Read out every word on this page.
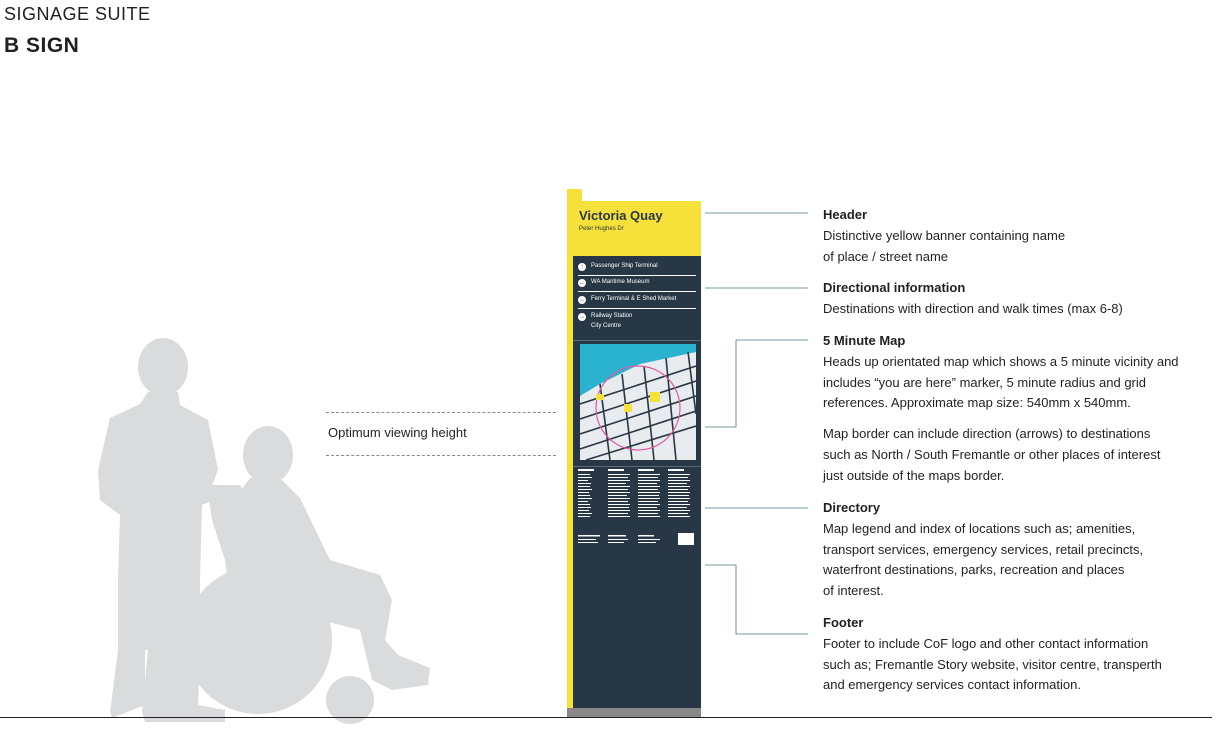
SIGNAGE SUITE
B SIGN
Optimum viewing height
Victoria Quay
Peter Hughes Dr
↑	Passenger Ship Terminal
← WA Maritime Museum
→ Ferry Terminal & E Shed Market
→ Railway Station
City Centre
Header
Distinctive yellow banner containing name
of place / street name
Directional information
Destinations with direction and walk times (max 6-8)
5 Minute Map
Heads up orientated map which shows a 5 minute vicinity and
includes “you are here” marker, 5 minute radius and grid
references. Approximate map size: 540mm x 540mm.
Map border can include direction (arrows) to destinations
such as North / South Fremantle or other places of interest
just outside of the maps border.
Directory
Map legend and index of locations such as; amenities,
transport services, emergency services, retail precincts,
waterfront destinations, parks, recreation and places
of interest.
Footer
Footer to include CoF logo and other contact information
such as; Fremantle Story website, visitor centre, transperth
and emergency services contact information.
